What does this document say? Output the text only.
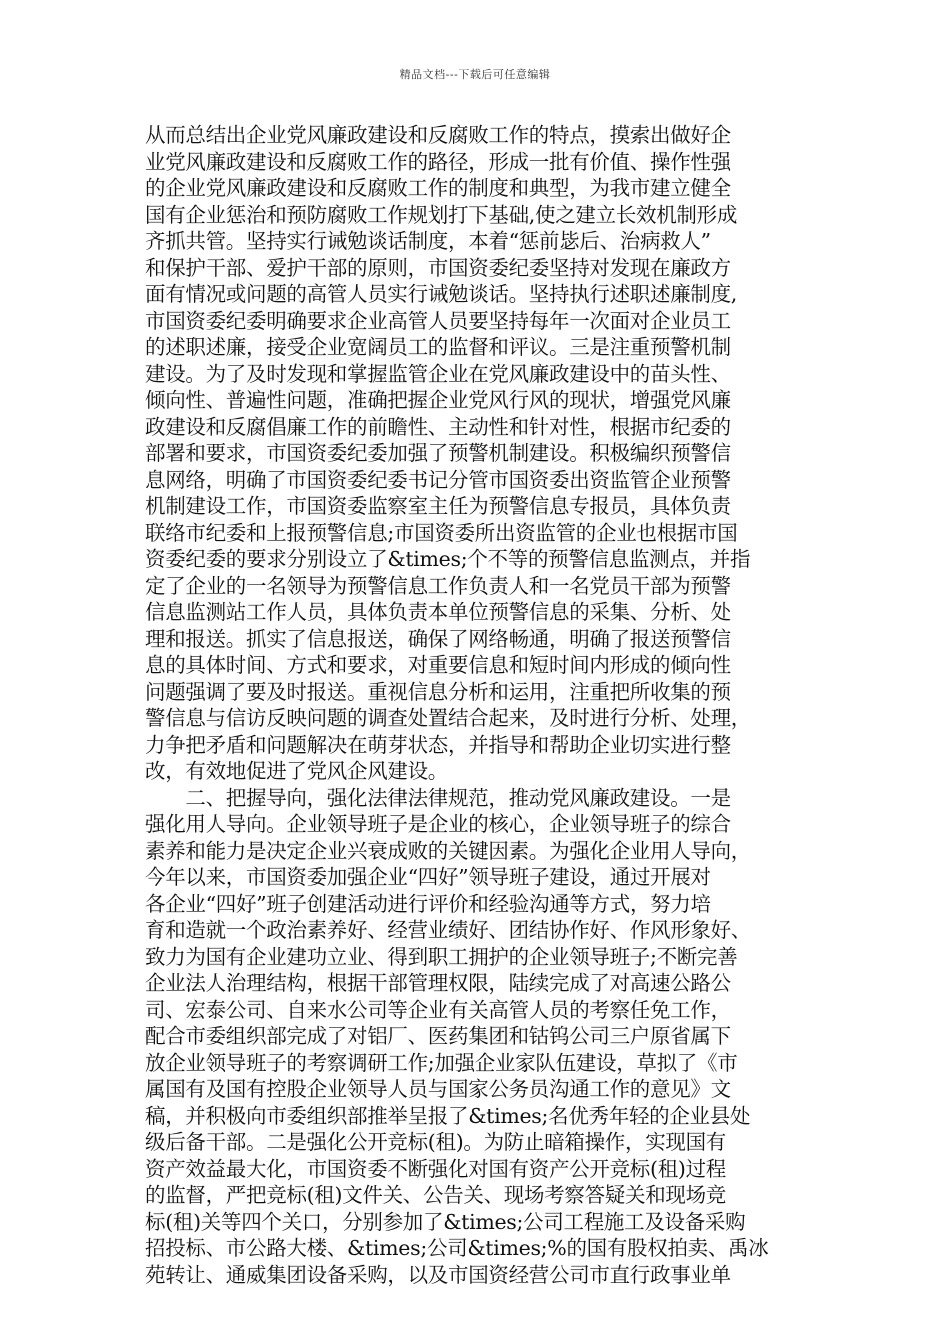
精品文档---下载后可任意编辑
从而总结出企业党风廉政建设和反腐败工作的特点，摸索出做好企
业党风廉政建设和反腐败工作的路径，形成一批有价值、操作性强
的企业党风廉政建设和反腐败工作的制度和典型，为我市建立健全
国有企业惩治和预防腐败工作规划打下基础,使之建立长效机制形成
齐抓共管。坚持实行诫勉谈话制度，本着“惩前毖后、治病救人”
和保护干部、爱护干部的原则，市国资委纪委坚持对发现在廉政方
面有情况或问题的高管人员实行诫勉谈话。坚持执行述职述廉制度,
市国资委纪委明确要求企业高管人员要坚持每年一次面对企业员工
的述职述廉，接受企业宽阔员工的监督和评议。三是注重预警机制
建设。为了及时发现和掌握监管企业在党风廉政建设中的苗头性、
倾向性、普遍性问题，准确把握企业党风行风的现状，增强党风廉
政建设和反腐倡廉工作的前瞻性、主动性和针对性，根据市纪委的
部署和要求，市国资委纪委加强了预警机制建设。积极编织预警信
息网络，明确了市国资委纪委书记分管市国资委出资监管企业预警
机制建设工作，市国资委监察室主任为预警信息专报员，具体负责
联络市纪委和上报预警信息;市国资委所出资监管的企业也根据市国
资委纪委的要求分别设立了&times;个不等的预警信息监测点，并指
定了企业的一名领导为预警信息工作负责人和一名党员干部为预警
信息监测站工作人员，具体负责本单位预警信息的采集、分析、处
理和报送。抓实了信息报送，确保了网络畅通，明确了报送预警信
息的具体时间、方式和要求，对重要信息和短时间内形成的倾向性
问题强调了要及时报送。重视信息分析和运用，注重把所收集的预
警信息与信访反映问题的调查处置结合起来，及时进行分析、处理，
力争把矛盾和问题解决在萌芽状态，并指导和帮助企业切实进行整
改，有效地促进了党风企风建设。
　　二、把握导向，强化法律法律规范，推动党风廉政建设。一是
强化用人导向。企业领导班子是企业的核心，企业领导班子的综合
素养和能力是决定企业兴衰成败的关键因素。为强化企业用人导向，
今年以来，市国资委加强企业“四好”领导班子建设，通过开展对
各企业“四好”班子创建活动进行评价和经验沟通等方式，努力培
育和造就一个政治素养好、经营业绩好、团结协作好、作风形象好、
致力为国有企业建功立业、得到职工拥护的企业领导班子;不断完善
企业法人治理结构，根据干部管理权限，陆续完成了对高速公路公
司、宏泰公司、自来水公司等企业有关高管人员的考察任免工作，
配合市委组织部完成了对铝厂、医药集团和钴钨公司三户原省属下
放企业领导班子的考察调研工作;加强企业家队伍建设，草拟了《市
属国有及国有控股企业领导人员与国家公务员沟通工作的意见》文
稿，并积极向市委组织部推举呈报了&times;名优秀年轻的企业县处
级后备干部。二是强化公开竞标(租)。为防止暗箱操作，实现国有
资产效益最大化，市国资委不断强化对国有资产公开竞标(租)过程
的监督，严把竞标(租)文件关、公告关、现场考察答疑关和现场竞
标(租)关等四个关口，分别参加了&times;公司工程施工及设备采购
招投标、市公路大楼、&times;公司&times;%的国有股权拍卖、禹冰
苑转让、通威集团设备采购，以及市国资经营公司市直行政事业单
